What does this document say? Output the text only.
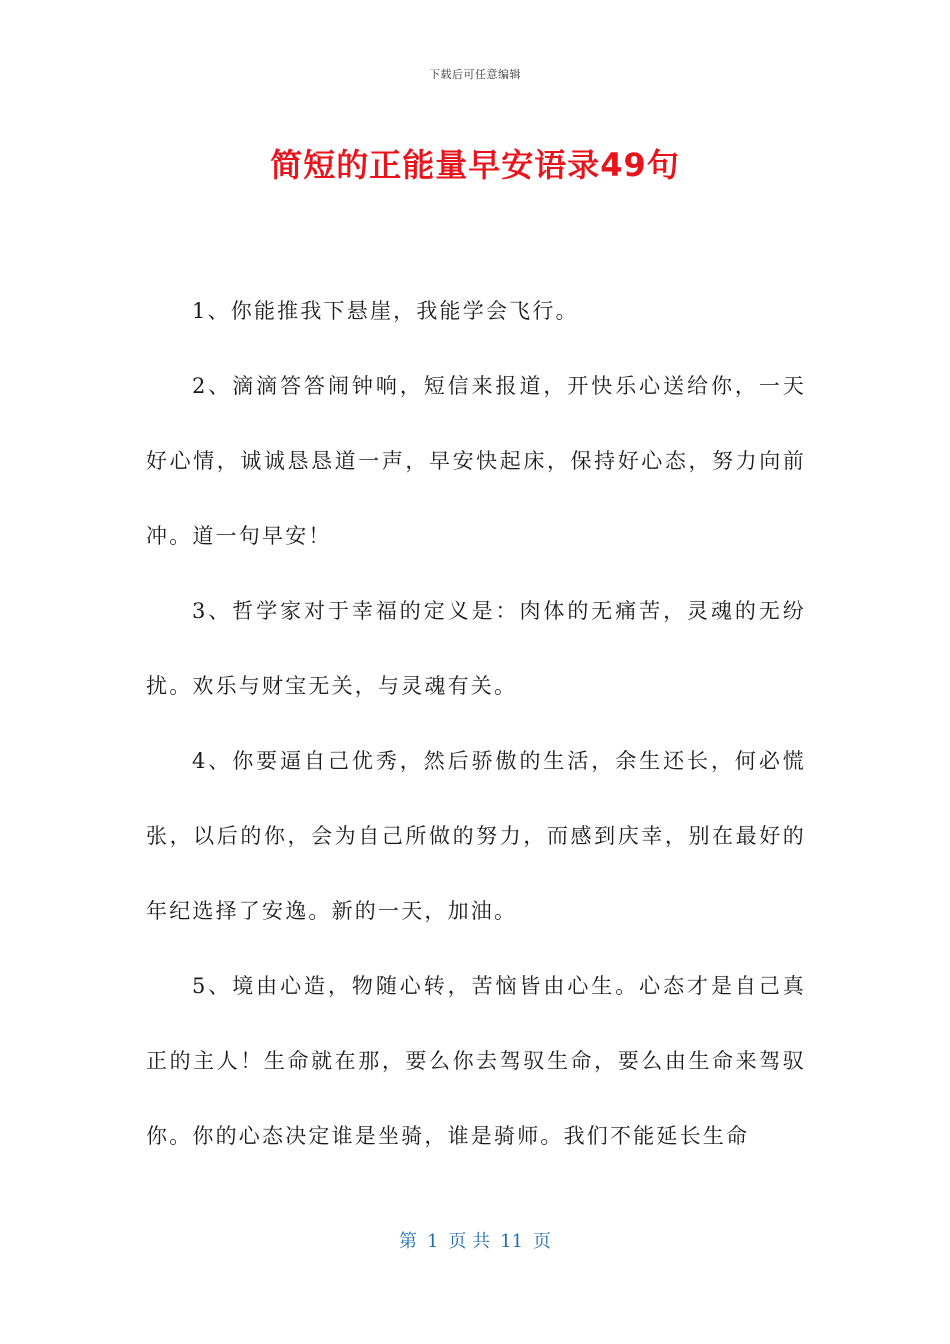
下载后可任意编辑
简短的正能量早安语录49句

1、你能推我下悬崖，我能学会飞行。

2、滴滴答答闹钟响，短信来报道，开快乐心送给你，一天好心情，诚诚恳恳道一声，早安快起床，保持好心态，努力向前冲。道一句早安！

3、哲学家对于幸福的定义是：肉体的无痛苦，灵魂的无纷扰。欢乐与财宝无关，与灵魂有关。

4、你要逼自己优秀，然后骄傲的生活，余生还长，何必慌张，以后的你，会为自己所做的努力，而感到庆幸，别在最好的年纪选择了安逸。新的一天，加油。

5、境由心造，物随心转，苦恼皆由心生。心态才是自己真正的主人！生命就在那，要么你去驾驭生命，要么由生命来驾驭你。你的心态决定谁是坐骑，谁是骑师。我们不能延长生命

第 1 页 共 11 页
